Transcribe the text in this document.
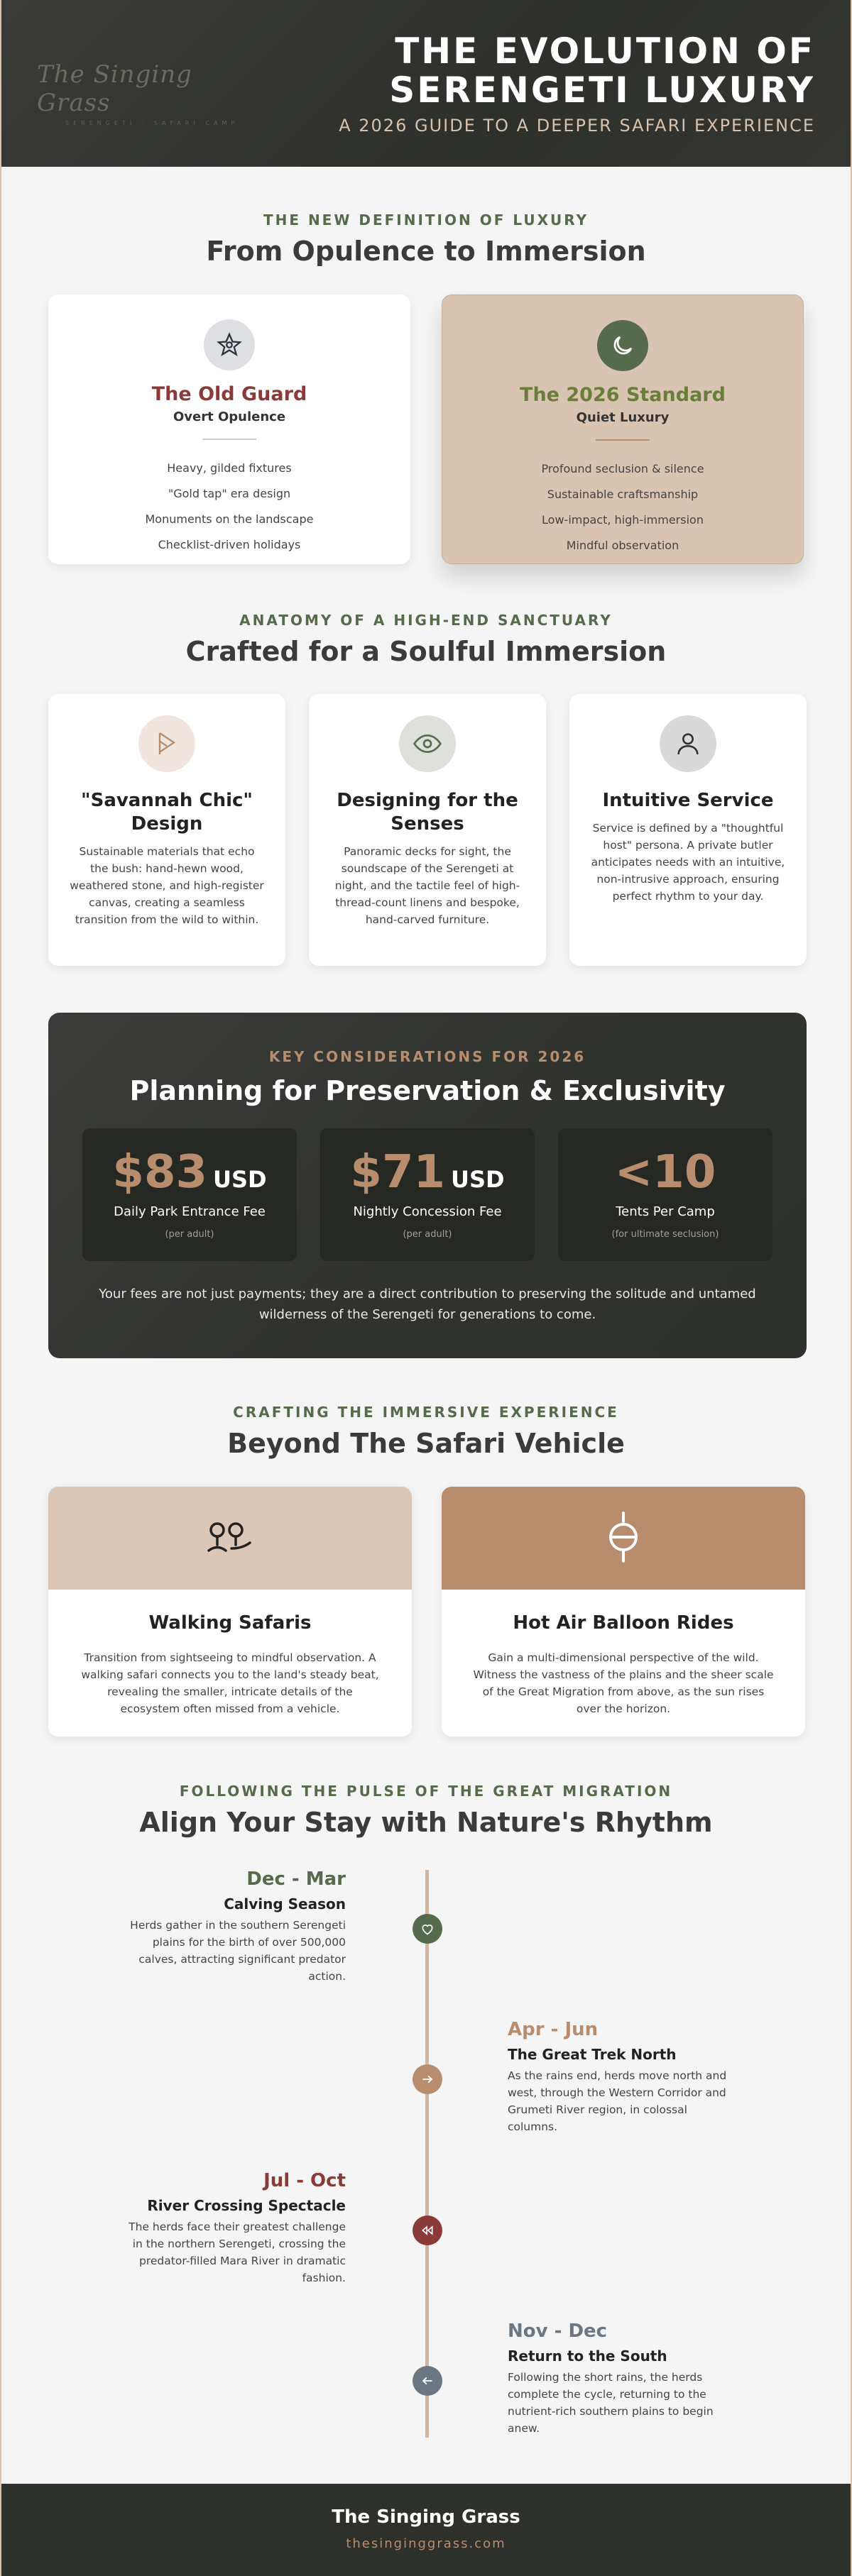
The Singing Grass
SERENGETI · SAFARI CAMP
THE EVOLUTION OF
SERENGETI LUXURY
A 2026 GUIDE TO A DEEPER SAFARI EXPERIENCE
THE NEW DEFINITION OF LUXURY
From Opulence to Immersion
The Old Guard
Overt Opulence
Heavy, gilded fixtures
"Gold tap" era design
Monuments on the landscape
Checklist-driven holidays
The 2026 Standard
Quiet Luxury
Profound seclusion & silence
Sustainable craftsmanship
Low-impact, high-immersion
Mindful observation
ANATOMY OF A HIGH-END SANCTUARY
Crafted for a Soulful Immersion
"Savannah Chic" Design
Sustainable materials that echo the bush: hand-hewn wood, weathered stone, and high-register canvas, creating a seamless transition from the wild to within.
Designing for the Senses
Panoramic decks for sight, the soundscape of the Serengeti at night, and the tactile feel of high-thread-count linens and bespoke, hand-carved furniture.
Intuitive Service
Service is defined by a "thoughtful host" persona. A private butler anticipates needs with an intuitive, non-intrusive approach, ensuring perfect rhythm to your day.
KEY CONSIDERATIONS FOR 2026
Planning for Preservation & Exclusivity
$83 USD
Daily Park Entrance Fee
(per adult)
$71 USD
Nightly Concession Fee
(per adult)
<10
Tents Per Camp
(for ultimate seclusion)
Your fees are not just payments; they are a direct contribution to preserving the solitude and untamed wilderness of the Serengeti for generations to come.
CRAFTING THE IMMERSIVE EXPERIENCE
Beyond The Safari Vehicle
Walking Safaris
Transition from sightseeing to mindful observation. A walking safari connects you to the land's steady beat, revealing the smaller, intricate details of the ecosystem often missed from a vehicle.
Hot Air Balloon Rides
Gain a multi-dimensional perspective of the wild. Witness the vastness of the plains and the sheer scale of the Great Migration from above, as the sun rises over the horizon.
FOLLOWING THE PULSE OF THE GREAT MIGRATION
Align Your Stay with Nature's Rhythm
Dec - Mar
Calving Season
Herds gather in the southern Serengeti plains for the birth of over 500,000 calves, attracting significant predator action.
Apr - Jun
The Great Trek North
As the rains end, herds move north and west, through the Western Corridor and Grumeti River region, in colossal columns.
Jul - Oct
River Crossing Spectacle
The herds face their greatest challenge in the northern Serengeti, crossing the predator-filled Mara River in dramatic fashion.
Nov - Dec
Return to the South
Following the short rains, the herds complete the cycle, returning to the nutrient-rich southern plains to begin anew.
The Singing Grass
thesinginggrass.com
